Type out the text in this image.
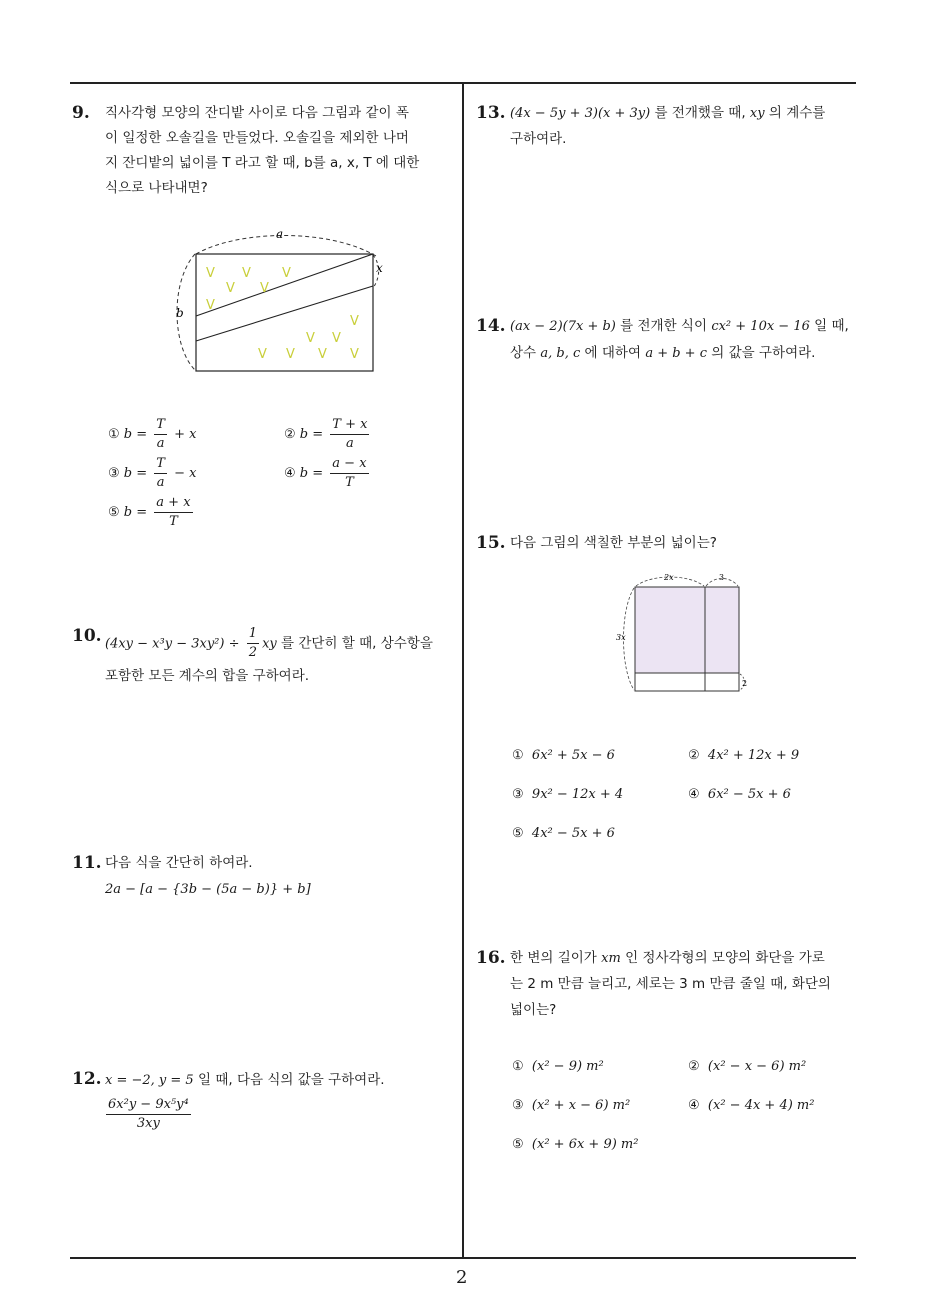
2
9. 직사각형 모양의 잔디밭 사이로 다음 그림과 같이 폭
이 일정한 오솔길을 만들었다. 오솔길을 제외한 나머
지 잔디밭의 넓이를 T 라고 할 때, b를 a, x, T 에 대한
식으로 나타내면?
a
b
x
V V V
V V
V
V
V V
V V V V
① $b = \frac{T}{a} + x$	② $b = \frac{T + x}{a}$
③ $b = \frac{T}{a} - x$	④ $b = \frac{a - x}{T}$
⑤ $b = \frac{a + x}{T}$
10. $(4xy - x^3y - 3xy^2) \div \frac{1}{2}$ xy 를 간단히 할 때, 상수항을
포함한 모든 계수의 합을 구하여라.
11. 다음 식을 간단히 하여라.
2a − [a − {3b − (5a − b)} + b]
12. x = −2, y = 5 일 때, 다음 식의 값을 구하여라.
$\frac{\text{6x²y − 9x⁵y⁴}}{3xy}$
13. (4x − 5y + 3)(x + 3y) 를 전개했을 때, xy 의 계수를
구하여라.
14. (ax − 2)(7x + b) 를 전개한 식이 cx² + 10x − 16 일 때,
상수 a, b, c 에 대하여 a + b + c 의 값을 구하여라.
15. 다음 그림의 색칠한 부분의 넓이는?
2x	3
3x
2
① 6x² + 5x − 6	② 4x² + 12x + 9
③ 9x² − 12x + 4	④ 6x² − 5x + 6
⑤ 4x² − 5x + 6
16. 한 변의 길이가 xm 인 정사각형의 모양의 화단을 가로
는 2 m 만큼 늘리고, 세로는 3 m 만큼 줄일 때, 화단의
넓이는?
① (x² − 9) m²	② (x² − x − 6) m²
③ (x² + x − 6) m²	④ (x² − 4x + 4) m²
⑤ (x² + 6x + 9) m²
